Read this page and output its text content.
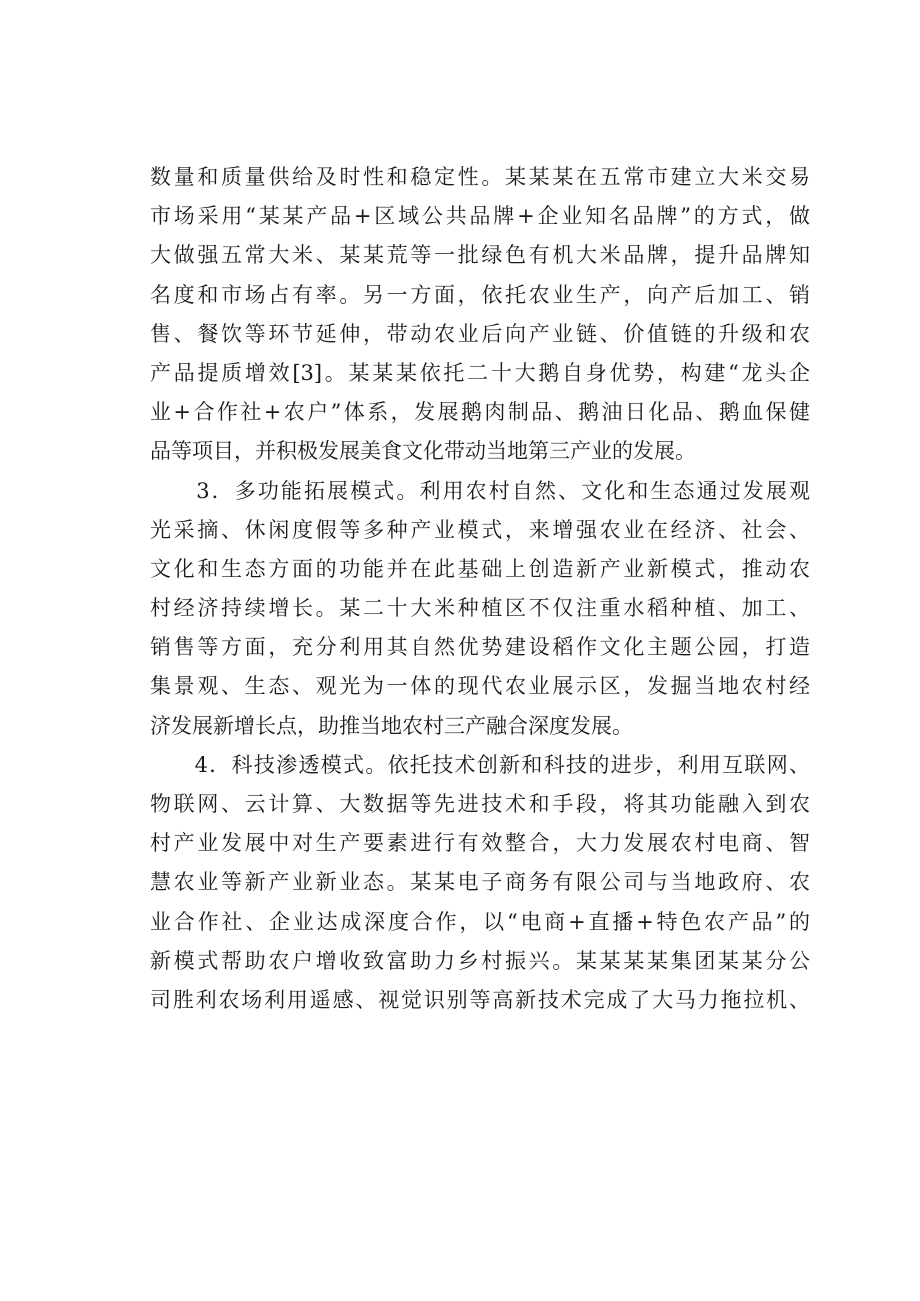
数量和质量供给及时性和稳定性。某某某在五常市建立大米交易
市场采用“某某产品+区域公共品牌+企业知名品牌”的方式，做
大做强五常大米、某某荒等一批绿色有机大米品牌，提升品牌知
名度和市场占有率。另一方面，依托农业生产，向产后加工、销
售、餐饮等环节延伸，带动农业后向产业链、价值链的升级和农
产品提质增效[3]。某某某依托二十大鹅自身优势，构建“龙头企
业+合作社+农户”体系，发展鹅肉制品、鹅油日化品、鹅血保健
品等项目，并积极发展美食文化带动当地第三产业的发展。
　　3．多功能拓展模式。利用农村自然、文化和生态通过发展观
光采摘、休闲度假等多种产业模式，来增强农业在经济、社会、
文化和生态方面的功能并在此基础上创造新产业新模式，推动农
村经济持续增长。某二十大米种植区不仅注重水稻种植、加工、
销售等方面，充分利用其自然优势建设稻作文化主题公园，打造
集景观、生态、观光为一体的现代农业展示区，发掘当地农村经
济发展新增长点，助推当地农村三产融合深度发展。
　　4．科技渗透模式。依托技术创新和科技的进步，利用互联网、
物联网、云计算、大数据等先进技术和手段，将其功能融入到农
村产业发展中对生产要素进行有效整合，大力发展农村电商、智
慧农业等新产业新业态。某某电子商务有限公司与当地政府、农
业合作社、企业达成深度合作，以“电商+直播+特色农产品”的
新模式帮助农户增收致富助力乡村振兴。某某某某集团某某分公
司胜利农场利用遥感、视觉识别等高新技术完成了大马力拖拉机、
